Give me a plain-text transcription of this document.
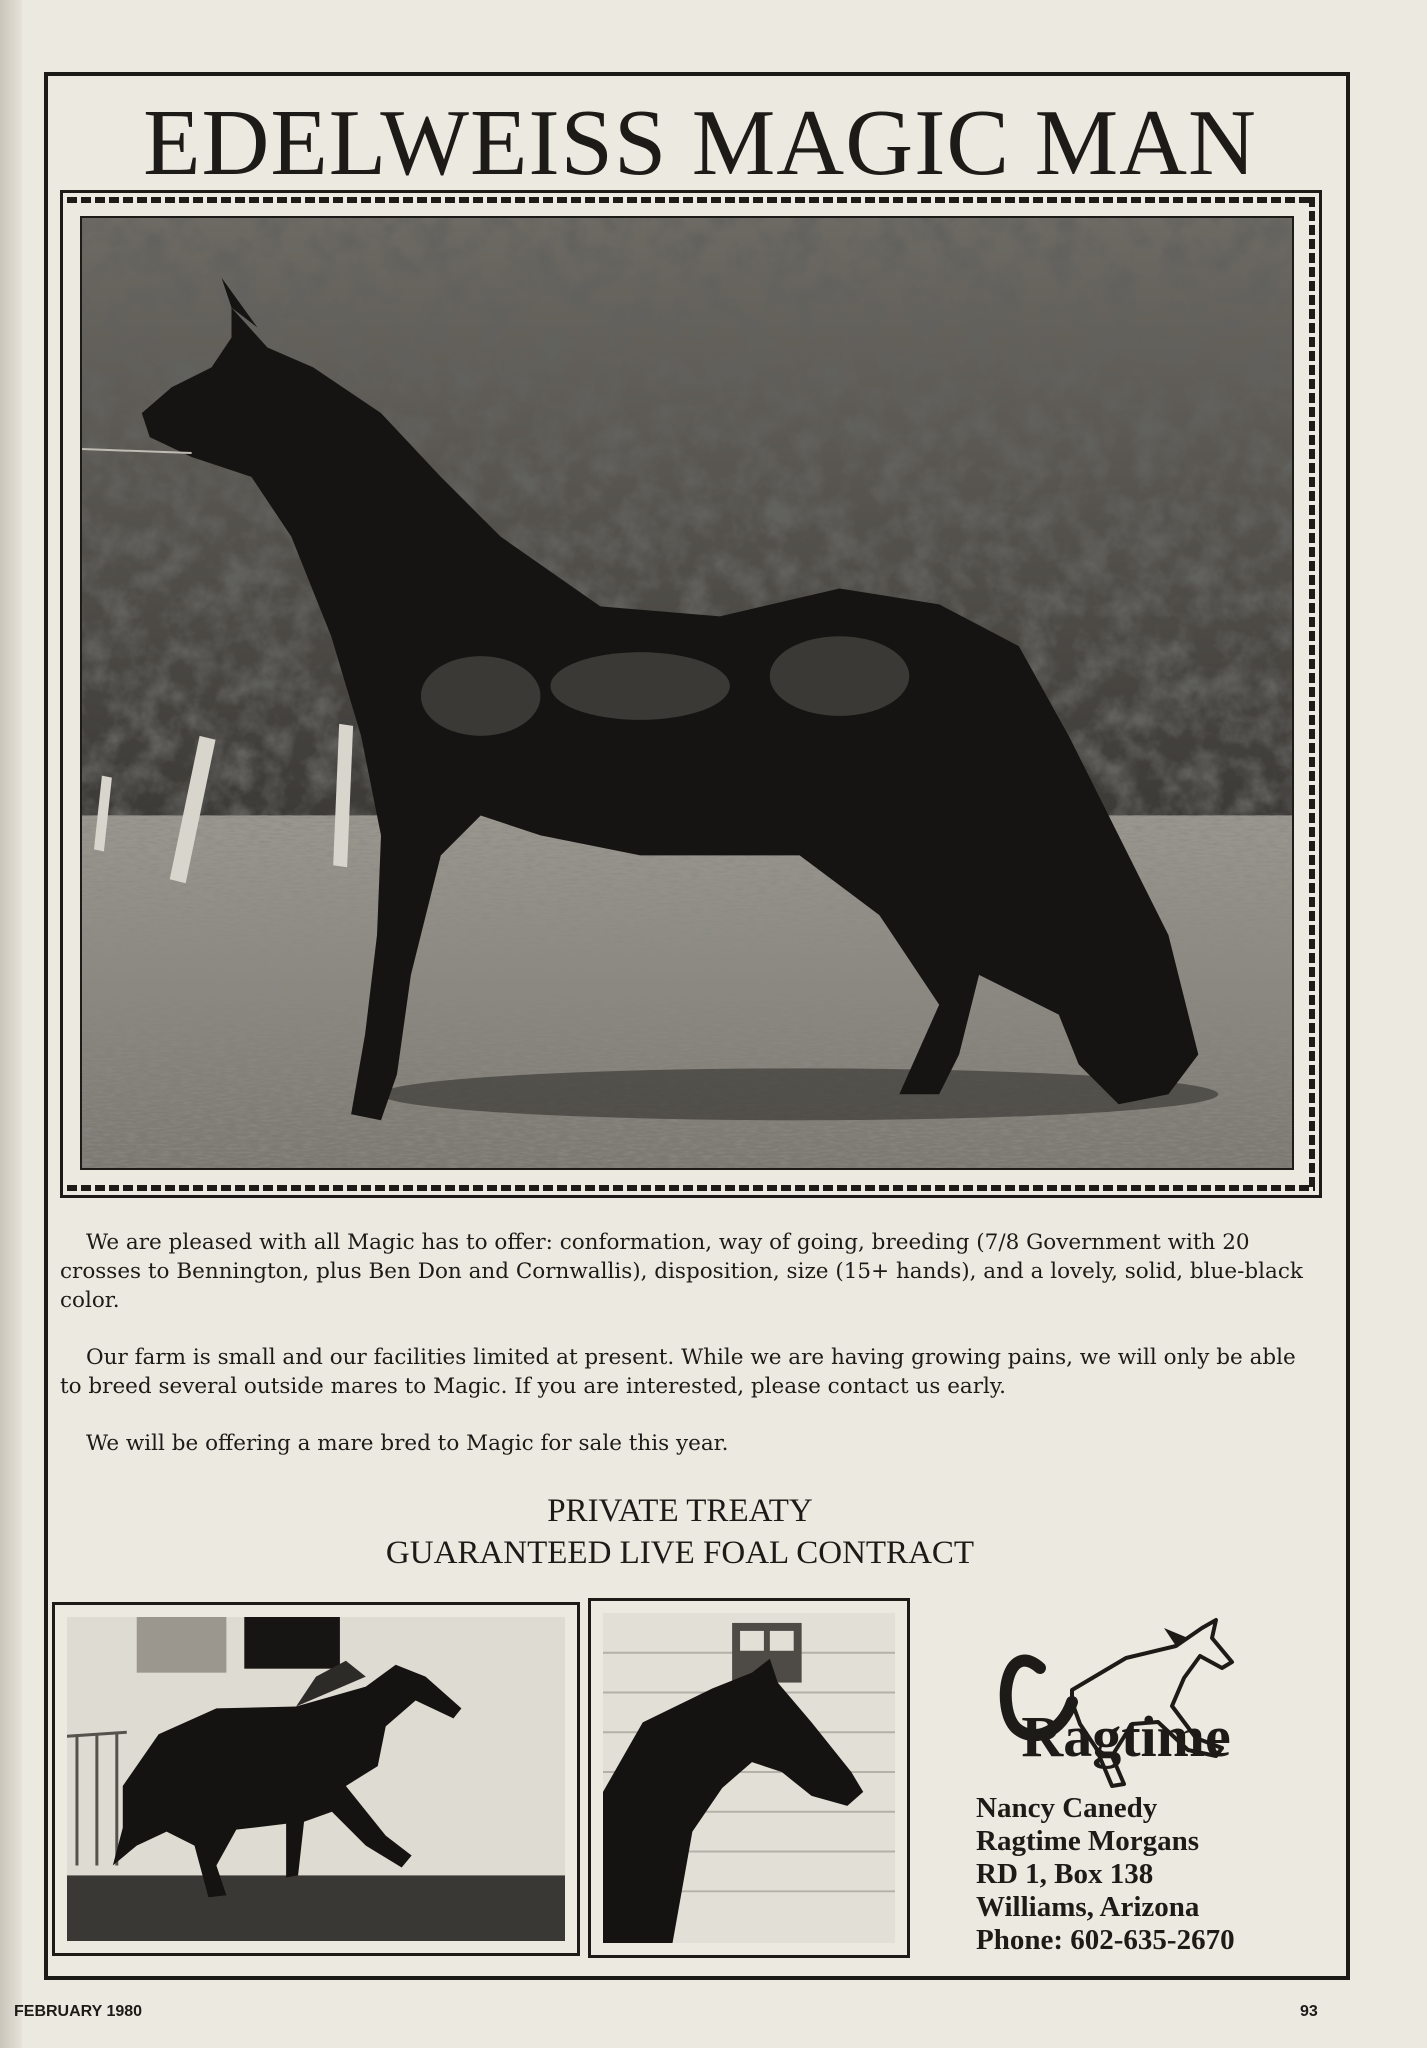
EDELWEISS MAGIC MAN

We are pleased with all Magic has to offer: conformation, way of going, breeding (7/8 Government with 20 crosses to Bennington, plus Ben Don and Cornwallis), disposition, size (15+ hands), and a lovely, solid, blue-black color.

Our farm is small and our facilities limited at present. While we are having growing pains, we will only be able to breed several outside mares to Magic. If you are interested, please contact us early.

We will be offering a mare bred to Magic for sale this year.

PRIVATE TREATY
GUARANTEED LIVE FOAL CONTRACT
Ragtime
Nancy Canedy
Ragtime Morgans
RD 1, Box 138
Williams, Arizona
Phone: 602-635-2670
FEBRUARY 1980	93
